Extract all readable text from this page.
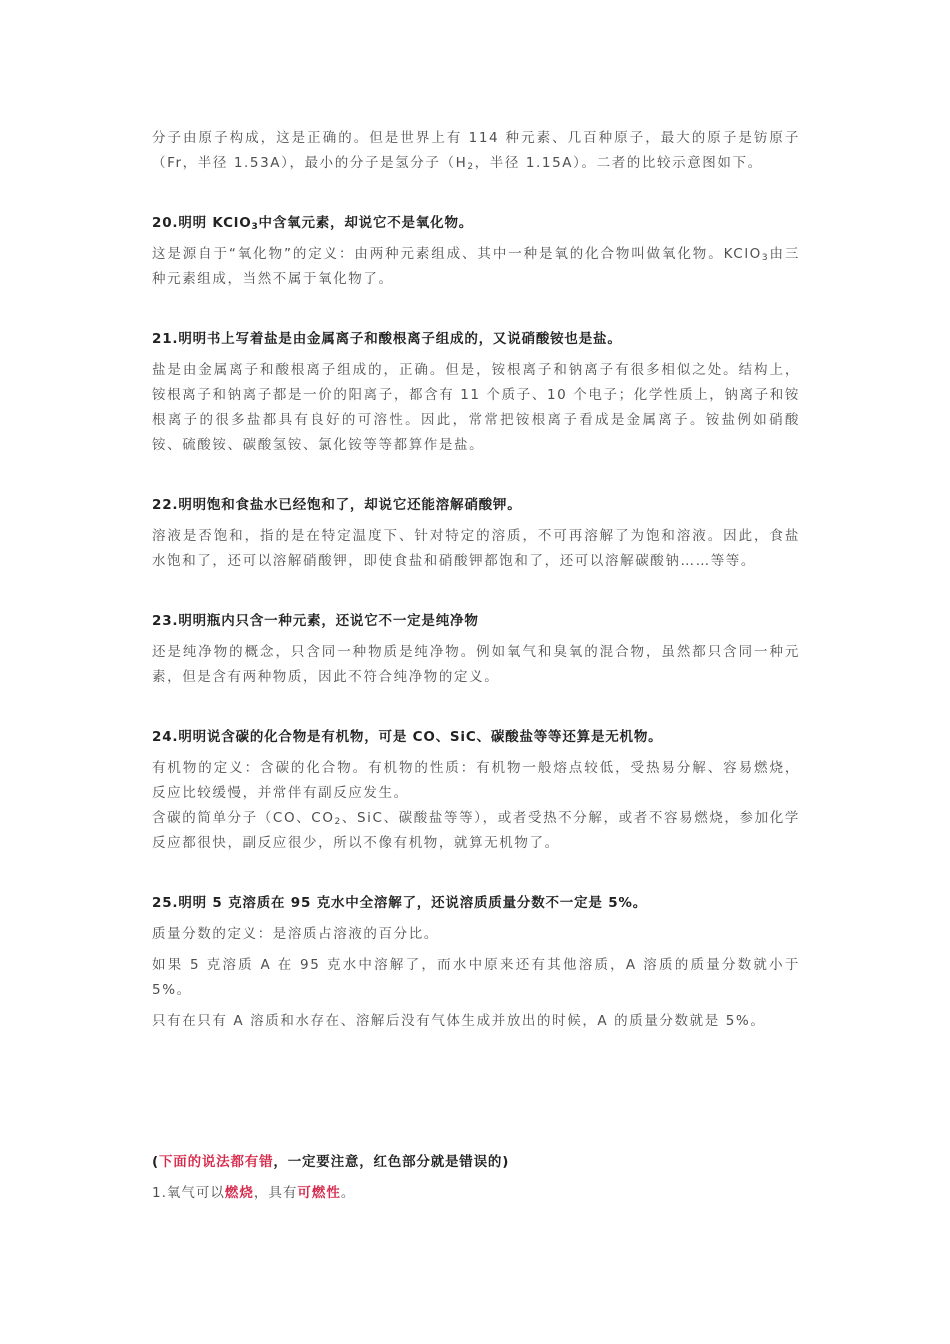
分子由原子构成，这是正确的。但是世界上有 114 种元素、几百种原子，最大的原子是钫原子（Fr，半径 1.53A），最小的分子是氢分子（$H_2$，半径 1.15A）。二者的比较示意图如下。

20.明明 KClO$_3$中含氧元素，却说它不是氧化物。

这是源自于“氧化物”的定义：由两种元素组成、其中一种是氧的化合物叫做氧化物。KClO$_3$由三种元素组成，当然不属于氧化物了。

21.明明书上写着盐是由金属离子和酸根离子组成的，又说硝酸铵也是盐。

盐是由金属离子和酸根离子组成的，正确。但是，铵根离子和钠离子有很多相似之处。结构上，铵根离子和钠离子都是一价的阳离子，都含有 11 个质子、10 个电子；化学性质上，钠离子和铵根离子的很多盐都具有良好的可溶性。因此，常常把铵根离子看成是金属离子。铵盐例如硝酸铵、硫酸铵、碳酸氢铵、氯化铵等等都算作是盐。

22.明明饱和食盐水已经饱和了，却说它还能溶解硝酸钾。

溶液是否饱和，指的是在特定温度下、针对特定的溶质，不可再溶解了为饱和溶液。因此，食盐水饱和了，还可以溶解硝酸钾，即使食盐和硝酸钾都饱和了，还可以溶解碳酸钠……等等。

23.明明瓶内只含一种元素，还说它不一定是纯净物

还是纯净物的概念，只含同一种物质是纯净物。例如氧气和臭氧的混合物，虽然都只含同一种元素，但是含有两种物质，因此不符合纯净物的定义。

24.明明说含碳的化合物是有机物，可是 CO、SiC、碳酸盐等等还算是无机物。

有机物的定义：含碳的化合物。有机物的性质：有机物一般熔点较低，受热易分解、容易燃烧，反应比较缓慢，并常伴有副反应发生。

含碳的简单分子（CO、$CO_2$、SiC、碳酸盐等等），或者受热不分解，或者不容易燃烧，参加化学反应都很快，副反应很少，所以不像有机物，就算无机物了。

25.明明 5 克溶质在 95 克水中全溶解了，还说溶质质量分数不一定是 5%。

质量分数的定义：是溶质占溶液的百分比。

如果 5 克溶质 A 在 95 克水中溶解了，而水中原来还有其他溶质，A 溶质的质量分数就小于 5%。

只有在只有 A 溶质和水存在、溶解后没有气体生成并放出的时候，A 的质量分数就是 5%。

(下面的说法都有错，一定要注意，红色部分就是错误的)

1.氧气可以燃烧，具有可燃性。
